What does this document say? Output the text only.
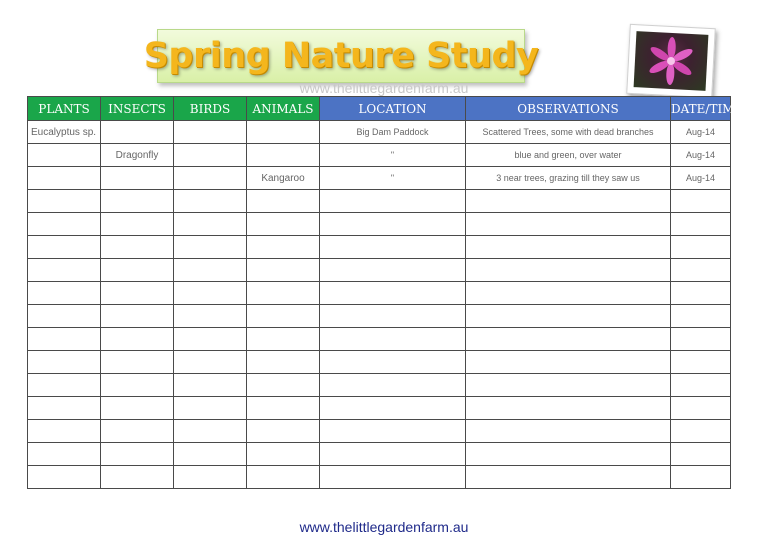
Spring Nature Study
www.thelittlegardenfarm.au
PLANTS	INSECTS	BIRDS	ANIMALS	LOCATION	OBSERVATIONS	DATE/TIME
Eucalyptus sp.				Big Dam Paddock	Scattered Trees, some with dead branches	Aug-14
	Dragonfly			"	blue and green, over water	Aug-14
			Kangaroo	"	3 near trees, grazing till they saw us	Aug-14

www.thelittlegardenfarm.au
